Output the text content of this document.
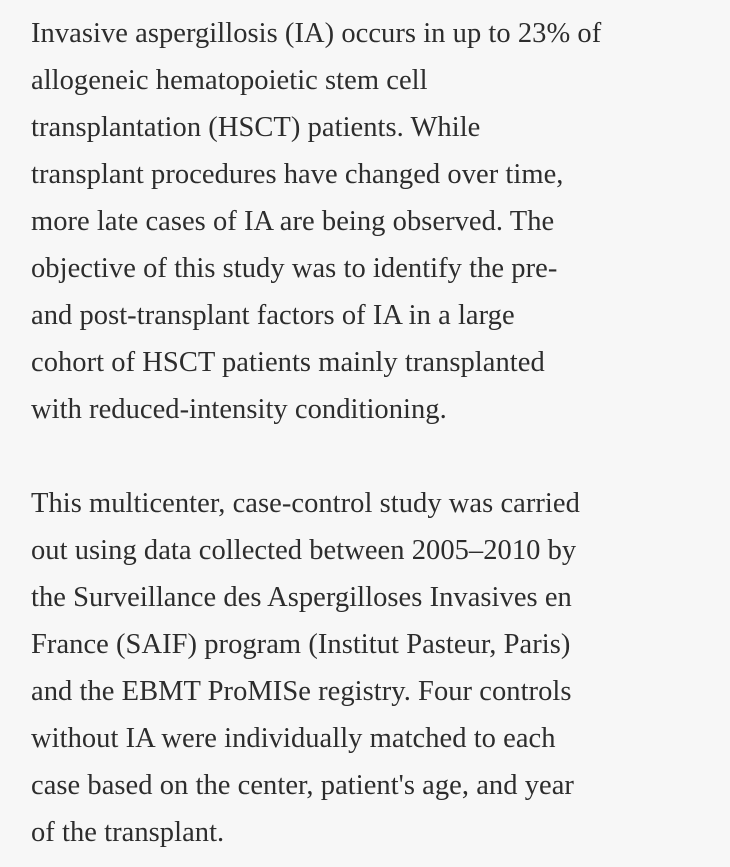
Invasive aspergillosis (IA) occurs in up to 23% of
allogeneic hematopoietic stem cell
transplantation (HSCT) patients. While
transplant procedures have changed over time,
more late cases of IA are being observed. The
objective of this study was to identify the pre-
and post-transplant factors of IA in a large
cohort of HSCT patients mainly transplanted
with reduced-intensity conditioning.

This multicenter, case-control study was carried
out using data collected between 2005–2010 by
the Surveillance des Aspergilloses Invasives en
France (SAIF) program (Institut Pasteur, Paris)
and the EBMT ProMISe registry. Four controls
without IA were individually matched to each
case based on the center, patient's age, and year
of the transplant.
